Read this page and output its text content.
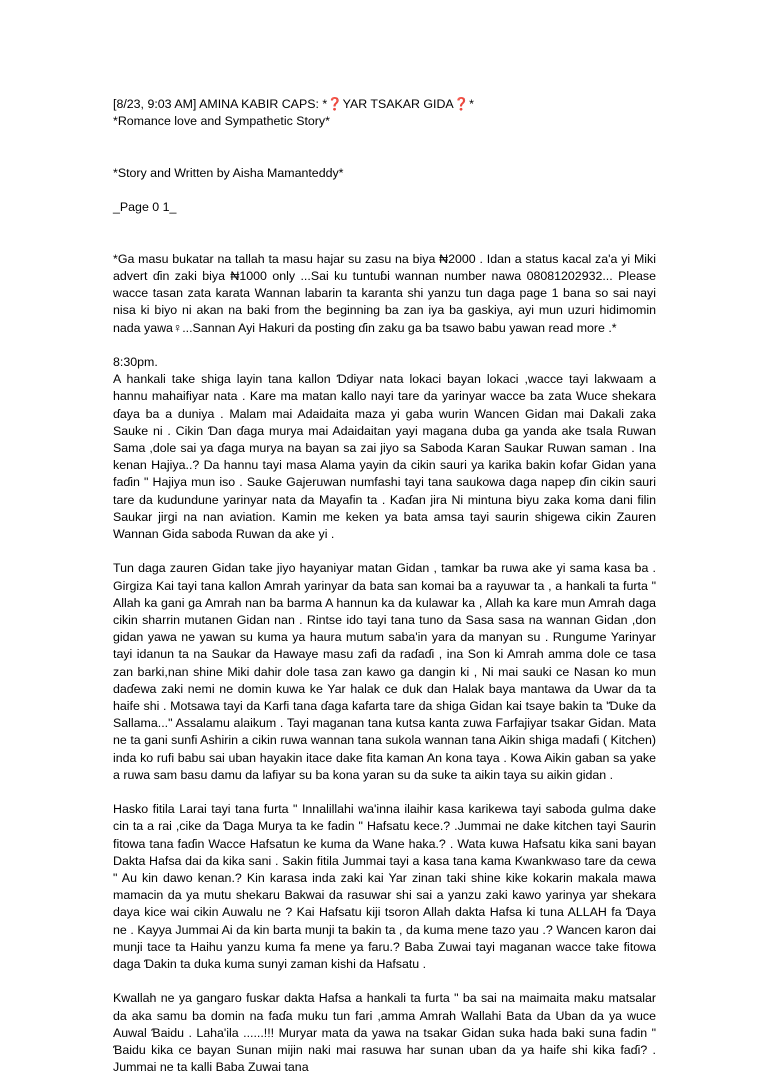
[8/23, 9:03 AM] AMINA KABIR CAPS: *❓YAR TSAKAR GIDA❓*

*Romance love and Sympathetic Story*

*Story and Written by Aisha Mamanteddy*

_Page 0 1_

*Ga masu bukatar na tallah ta masu hajar su zasu na biya ₦2000 . Idan a status kacal za'a yi Miki advert ɗin zaki biya ₦1000 only ...Sai ku tuntuɓi wannan number nawa 08081202932... Please wacce tasan zata karata Wannan labarin ta karanta shi yanzu tun daga page 1 bana so sai nayi nisa ki biyo ni akan na baki from the beginning ba zan iya ba gaskiya, ayi mun uzuri hidimomin nada yawa♀...Sannan Ayi Hakuri da posting ɗin zaku ga ba tsawo babu yawan read more .*

8:30pm.

A hankali take shiga layin tana kallon Ɗdiyar nata lokaci bayan lokaci ,wacce tayi lakwaam a hannu mahaifiyar nata . Kare ma matan kallo nayi tare da yarinyar wacce ba zata Wuce shekara ɗaya ba a duniya . Malam mai Adaidaita maza yi gaba wurin Wancen Gidan mai Dakali zaka Sauke ni . Cikin Ɗan ɗaga murya mai Adaidaitan yayi magana duba ga yanda ake tsala Ruwan Sama ,dole sai ya ɗaga murya na bayan sa zai jiyo sa Saboda Karan Saukar Ruwan saman . Ina kenan Hajiya..? Da hannu tayi masa Alama yayin da cikin sauri ya karika bakin kofar Gidan yana faɗin " Hajiya mun iso . Sauke Gajeruwan numfashi tayi tana saukowa daga napep ɗin cikin sauri tare da kudundune yarinyar nata da Mayafin ta . Kaɗan jira Ni mintuna biyu zaka koma dani filin Saukar jirgi na nan aviation. Kamin me keken ya bata amsa tayi saurin shigewa cikin Zauren Wannan Gida saboda Ruwan da ake yi .

Tun daga zauren Gidan take jiyo hayaniyar matan Gidan , tamkar ba ruwa ake yi sama kasa ba . Girgiza Kai tayi tana kallon Amrah yarinyar da bata san komai ba a rayuwar ta , a hankali ta furta " Allah ka gani ga Amrah nan ba barma A hannun ka da kulawar ka , Allah ka kare mun Amrah daga cikin sharrin mutanen Gidan nan . Rintse ido tayi tana tuno da Sasa sasa na wannan Gidan ,don gidan yawa ne yawan su kuma ya haura mutum saba'in yara da manyan su . Rungume Yarinyar tayi idanun ta na Saukar da Hawaye masu zafi da raɗaɗi , ina Son ki Amrah amma dole ce tasa zan barki,nan shine Miki dahir dole tasa zan kawo ga dangin ki , Ni mai sauki ce Nasan ko mun daɗewa zaki nemi ne domin kuwa ke Yar halak ce duk dan Halak baya mantawa da Uwar da ta haife shi . Motsawa tayi da Karfi tana ɗaga kafarta tare da shiga Gidan kai tsaye bakin ta 'Ɗuke da Sallama..." Assalamu alaikum . Tayi maganan tana kutsa kanta zuwa Farfajiyar tsakar Gidan. Mata ne ta gani sunfi Ashirin a cikin ruwa wannan tana sukola wannan tana Aikin shiga madafi ( Kitchen) inda ko rufi babu sai uban hayakin itace dake fita kaman An kona taya . Kowa Aikin gaban sa yake a ruwa sam basu damu da lafiyar su ba kona yaran su da suke ta aikin taya su aikin gidan .

Hasko fitila Larai tayi tana furta " Innalillahi wa'inna ilaihir kasa karikewa tayi saboda gulma dake cin ta a rai ,cike da Ɗaga Murya ta ke fadin " Hafsatu kece.? .Jummai ne dake kitchen tayi Saurin fitowa tana faɗin Wacce Hafsatun ke kuma da Wane haka.? . Wata kuwa Hafsatu kika sani bayan Dakta Hafsa dai da kika sani . Sakin fitila Jummai tayi a kasa tana kama Kwankwaso tare da cewa " Au kin dawo kenan.? Kin karasa inda zaki kai Yar zinan taki shine kike kokarin makala mawa mamacin da ya mutu shekaru Bakwai da rasuwar shi sai a yanzu zaki kawo yarinya yar shekara daya kice wai cikin Auwalu ne ? Kai Hafsatu kiji tsoron Allah dakta Hafsa ki tuna ALLAH fa Ɗaya ne . Kayya Jummai Ai da kin barta munji ta bakin ta , da kuma mene tazo yau .? Wancen karon dai munji tace ta Haihu yanzu kuma fa mene ya faru.? Baba Zuwai tayi maganan wacce take fitowa daga Ɗakin ta duka kuma sunyi zaman kishi da Hafsatu .

Kwallah ne ya gangaro fuskar dakta Hafsa a hankali ta furta " ba sai na maimaita maku matsalar da aka samu ba domin na faɗa muku tun fari ,amma Amrah Wallahi Bata da Uban da ya wuce Auwal Ɓaidu . Laha'ila ......!!! Muryar mata da yawa na tsakar Gidan suka hada baki suna fadin " Ɓaidu kika ce bayan Sunan mijin naki mai rasuwa har sunan uban da ya haife shi kika faɗi? . Jummai ne ta kalli Baba Zuwai tana
